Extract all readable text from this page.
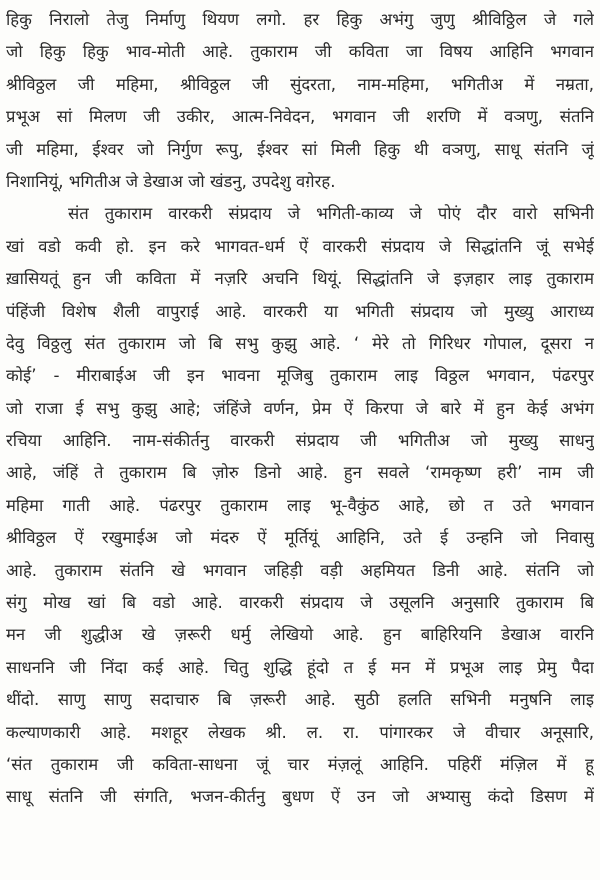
हिकु निरालो तेजु निर्माणु थियण लगो. हर हिकु अभंगु जुणु श्रीविठ्ठिल जे गले
जो हिकु हिकु भाव-मोती आहे. तुकाराम जी कविता जा विषय आहिनि भगवान
श्रीविठ्ठल जी महिमा, श्रीविठ्ठल जी सुंदरता, नाम-महिमा, भगितीअ में नम्रता,
प्रभूअ सां मिलण जी उकीर, आत्म-निवेदन, भगवान जी शरणि में वञणु, संतनि
जी महिमा, ईश्वर जो निर्गुण रूपु, ईश्वर सां मिली हिकु थी वञणु, साधू संतनि जूं
निशानियूं, भगितीअ जे डेखाअ जो खंडनु, उपदेशु वग़ेरह.
संत तुकाराम वारकरी संप्रदाय जे भगिती-काव्य जे पोएं दौर वारो सभिनी
खां वडो कवी हो. इन करे भागवत-धर्म ऐं वारकरी संप्रदाय जे सिद्धांतनि जूं सभेई
ख़ासियतूं हुन जी कविता में नज़रि अचनि थियूं. सिद्धांतनि जे इज़हार लाइ तुकाराम
पंहिंजी विशेष शैली वापुराई आहे. वारकरी या भगिती संप्रदाय जो मुख्यु आराध्य
देवु विठ्ठलु संत तुकाराम जो बि सभु कुझु आहे. ‘ मेरे तो गिरिधर गोपाल, दूसरा न
कोई’ - मीराबाईअ जी इन भावना मूजिबु तुकाराम लाइ विठ्ठल भगवान, पंढरपुर
जो राजा ई सभु कुझु आहे; जंहिंजे वर्णन, प्रेम ऐं किरपा जे बारे में हुन केई अभंग
रचिया आहिनि. नाम-संकीर्तनु वारकरी संप्रदाय जी भगितीअ जो मुख्यु साधनु
आहे, जंहिं ते तुकाराम बि ज़ोरु डिनो आहे. हुन सवले ‘रामकृष्ण हरी’ नाम जी
महिमा गाती आहे. पंढरपुर तुकाराम लाइ भू-वैकुंठ आहे, छो त उते भगवान
श्रीविठ्ठल ऐं रखुमाईअ जो मंदरु ऐं मूर्तियूं आहिनि, उते ई उन्हनि जो निवासु
आहे. तुकाराम संतनि खे भगवान जहिड़ी वड़ी अहमियत डिनी आहे. संतनि जो
संगु मोख खां बि वडो आहे. वारकरी संप्रदाय जे उसूलनि अनुसारि तुकाराम बि
मन जी शुद्धीअ खे ज़रूरी धर्मु लेखियो आहे. हुन बाहिरियनि डेखाअ वारनि
साधननि जी निंदा कई आहे. चितु शुद्धि हूंदो त ई मन में प्रभूअ लाइ प्रेमु पैदा
थींदो. साणु साणु सदाचारु बि ज़रूरी आहे. सुठी हलति सभिनी मनुषनि लाइ
कल्याणकारी आहे. मशहूर लेखक श्री. ल. रा. पांगारकर जे वीचार अनूसारि,
‘संत तुकाराम जी कविता-साधना जूं चार मंज़लूं आहिनि. पहिरीं मंज़िल में हू
साधू संतनि जी संगति, भजन-कीर्तनु बुधण ऐं उन जो अभ्यासु कंदो डिसण में
